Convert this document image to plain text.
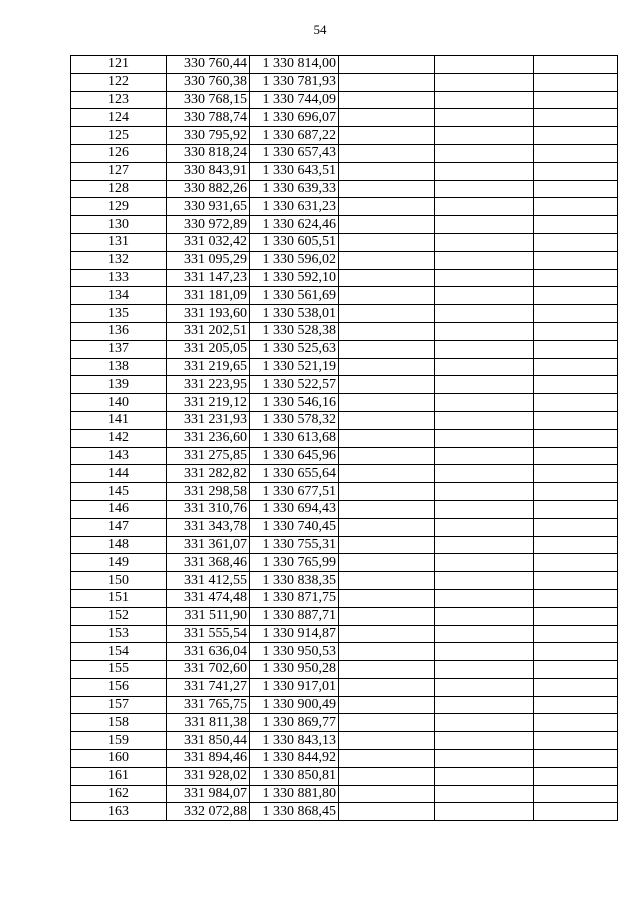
54
121	330 760,44	1 330 814,00			
122	330 760,38	1 330 781,93			
123	330 768,15	1 330 744,09			
124	330 788,74	1 330 696,07			
125	330 795,92	1 330 687,22			
126	330 818,24	1 330 657,43			
127	330 843,91	1 330 643,51			
128	330 882,26	1 330 639,33			
129	330 931,65	1 330 631,23			
130	330 972,89	1 330 624,46			
131	331 032,42	1 330 605,51			
132	331 095,29	1 330 596,02			
133	331 147,23	1 330 592,10			
134	331 181,09	1 330 561,69			
135	331 193,60	1 330 538,01			
136	331 202,51	1 330 528,38			
137	331 205,05	1 330 525,63			
138	331 219,65	1 330 521,19			
139	331 223,95	1 330 522,57			
140	331 219,12	1 330 546,16			
141	331 231,93	1 330 578,32			
142	331 236,60	1 330 613,68			
143	331 275,85	1 330 645,96			
144	331 282,82	1 330 655,64			
145	331 298,58	1 330 677,51			
146	331 310,76	1 330 694,43			
147	331 343,78	1 330 740,45			
148	331 361,07	1 330 755,31			
149	331 368,46	1 330 765,99			
150	331 412,55	1 330 838,35			
151	331 474,48	1 330 871,75			
152	331 511,90	1 330 887,71			
153	331 555,54	1 330 914,87			
154	331 636,04	1 330 950,53			
155	331 702,60	1 330 950,28			
156	331 741,27	1 330 917,01			
157	331 765,75	1 330 900,49			
158	331 811,38	1 330 869,77			
159	331 850,44	1 330 843,13			
160	331 894,46	1 330 844,92			
161	331 928,02	1 330 850,81			
162	331 984,07	1 330 881,80			
163	332 072,88	1 330 868,45			
